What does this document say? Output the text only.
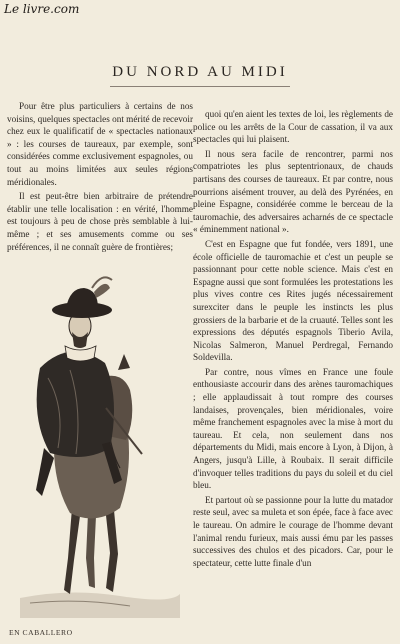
Le livre.com
DU NORD AU MIDI

Pour être plus particuliers à certains de nos voisins, quelques spectacles ont mérité de recevoir chez eux le qualificatif de « spectacles nationaux » : les courses de taureaux, par exemple, sont considérées comme exclusivement espagnoles, ou tout au moins limitées aux seules régions méridionales.

Il est peut-être bien arbitraire de prétendre établir une telle localisation : en vérité, l'homme est toujours à peu de chose près semblable à lui-même ; et ses amusements comme ou ses préférences, il ne connaît guère de frontières;

quoi qu'en aient les textes de loi, les règlements de police ou les arrêts de la Cour de cassation, il va aux spectacles qui lui plaisent.

Il nous sera facile de rencontrer, parmi nos compatriotes les plus septentrionaux, de chauds partisans des courses de taureaux. Et par contre, nous pourrions aisément trouver, au delà des Pyrénées, en pleine Espagne, considérée comme le berceau de la tauromachie, des adversaires acharnés de ce spectacle « éminemment national ».

C'est en Espagne que fut fondée, vers 1891, une école officielle de tauromachie et c'est un peuple se passionnant pour cette noble science. Mais c'est en Espagne aussi que sont formulées les protestations les plus vives contre ces Rites jugés nécessairement surexciter dans le peuple les instincts les plus grossiers de la barbarie et de la cruauté. Telles sont les expressions des députés espagnols Tiberio Avila, Nicolas Salmeron, Manuel Perdregal, Fernando Soldevilla.

Par contre, nous vîmes en France une foule enthousiaste accourir dans des arènes tauromachiques ; elle applaudissait à tout rompre des courses landaises, provençales, bien méridionales, voire même franchement espagnoles avec la mise à mort du taureau. Et cela, non seulement dans nos départements du Midi, mais encore à Lyon, à Dijon, à Angers, jusqu'à Lille, à Roubaix. Il serait difficile d'invoquer telles traditions du pays du soleil et du ciel bleu.

Et partout où se passionne pour la lutte du matador reste seul, avec sa muleta et son épée, face à face avec le taureau. On admire le courage de l'homme devant l'animal rendu furieux, mais aussi ému par les passes successives des chulos et des picadors. Car, pour le spectateur, cette lutte finale d'un

EN CABALLERO
